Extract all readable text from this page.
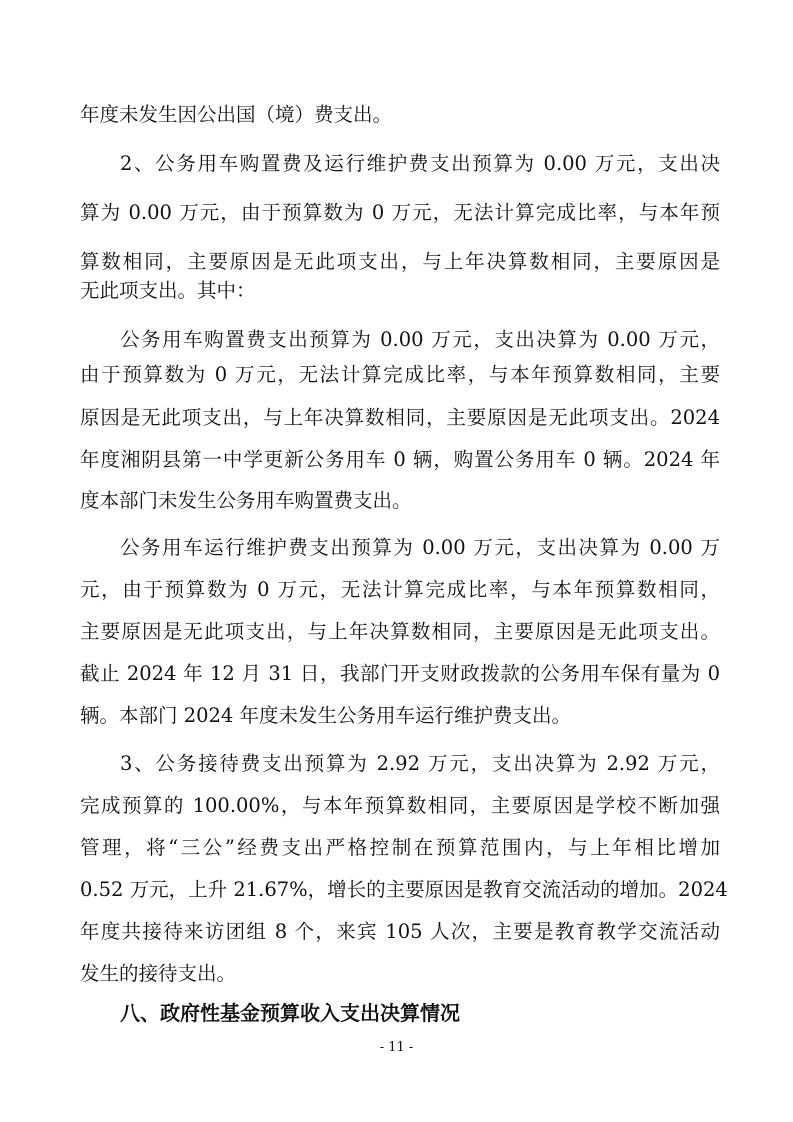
年度未发生因公出国（境）费支出。
2、公务用车购置费及运行维护费支出预算为 0.00 万元，支出决
算为 0.00 万元，由于预算数为 0 万元，无法计算完成比率，与本年预
算数相同，主要原因是无此项支出，与上年决算数相同，主要原因是
无此项支出。其中：
公务用车购置费支出预算为 0.00 万元，支出决算为 0.00 万元，
由于预算数为 0 万元，无法计算完成比率，与本年预算数相同，主要
原因是无此项支出，与上年决算数相同，主要原因是无此项支出。2024
年度湘阴县第一中学更新公务用车 0 辆，购置公务用车 0 辆。2024 年
度本部门未发生公务用车购置费支出。
公务用车运行维护费支出预算为 0.00 万元，支出决算为 0.00 万
元，由于预算数为 0 万元，无法计算完成比率，与本年预算数相同，
主要原因是无此项支出，与上年决算数相同，主要原因是无此项支出。
截止 2024 年 12 月 31 日，我部门开支财政拨款的公务用车保有量为 0
辆。本部门 2024 年度未发生公务用车运行维护费支出。
3、公务接待费支出预算为 2.92 万元，支出决算为 2.92 万元，
完成预算的 100.00%，与本年预算数相同，主要原因是学校不断加强
管理，将“三公”经费支出严格控制在预算范围内，与上年相比增加
0.52 万元，上升 21.67%，增长的主要原因是教育交流活动的增加。2024
年度共接待来访团组 8 个，来宾 105 人次，主要是教育教学交流活动
发生的接待支出。
八、政府性基金预算收入支出决算情况
- 11 -
